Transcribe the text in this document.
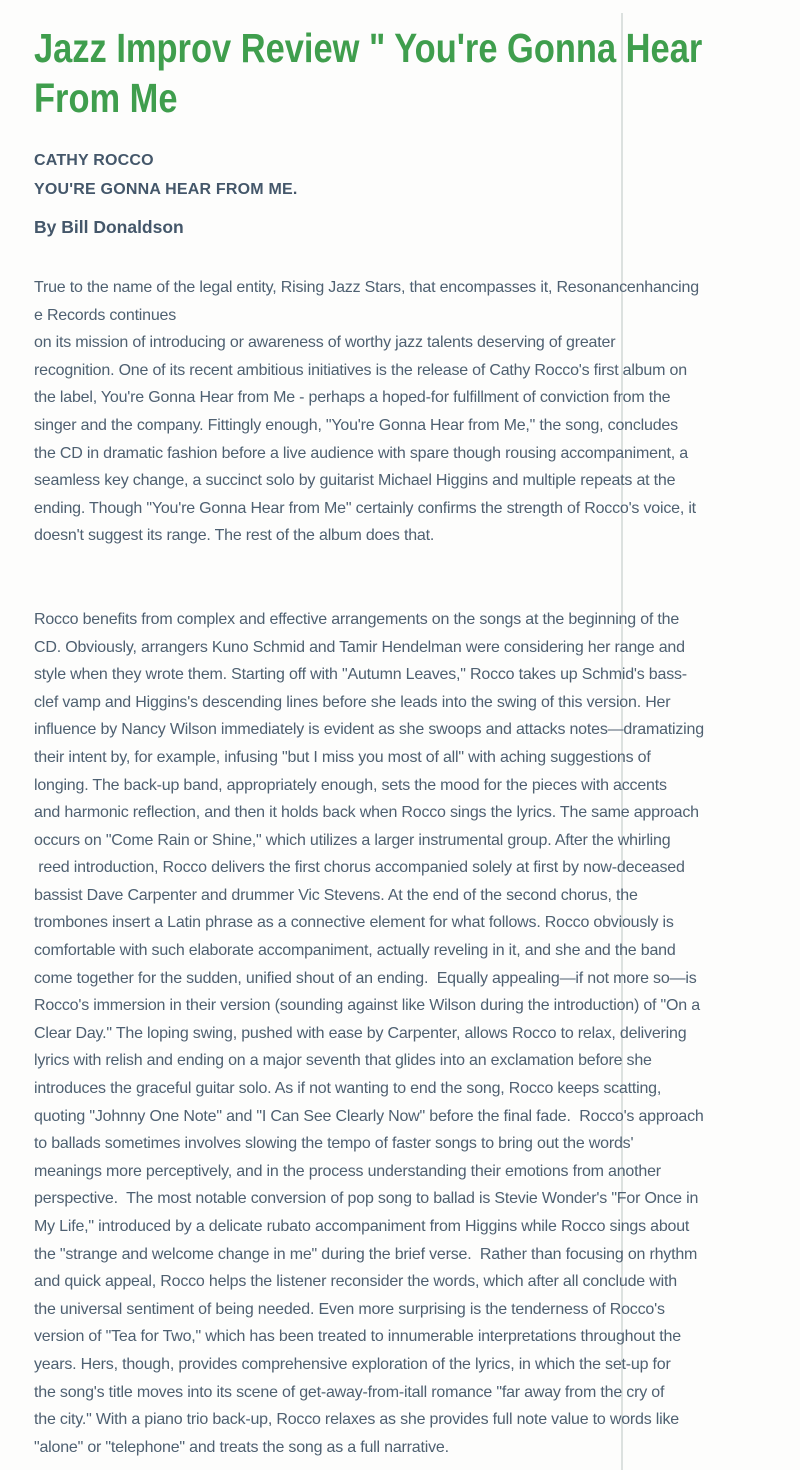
Jazz Improv Review " You're Gonna Hear
From Me
CATHY ROCCO
YOU'RE GONNA HEAR FROM ME.
By Bill Donaldson
True to the name of the legal entity, Rising Jazz Stars, that encompasses it, Resonancenhancing
e Records continues
on its mission of introducing or awareness of worthy jazz talents deserving of greater
recognition. One of its recent ambitious initiatives is the release of Cathy Rocco's first album on
the label, You're Gonna Hear from Me - perhaps a hoped-for fulfillment of conviction from the
singer and the company. Fittingly enough, "You're Gonna Hear from Me," the song, concludes
the CD in dramatic fashion before a live audience with spare though rousing accompaniment, a
seamless key change, a succinct solo by guitarist Michael Higgins and multiple repeats at the
ending. Though "You're Gonna Hear from Me" certainly confirms the strength of Rocco's voice, it
doesn't suggest its range. The rest of the album does that.
Rocco benefits from complex and effective arrangements on the songs at the beginning of the
CD. Obviously, arrangers Kuno Schmid and Tamir Hendelman were considering her range and
style when they wrote them. Starting off with "Autumn Leaves," Rocco takes up Schmid's bass-
clef vamp and Higgins's descending lines before she leads into the swing of this version. Her
influence by Nancy Wilson immediately is evident as she swoops and attacks notes—dramatizing
their intent by, for example, infusing "but I miss you most of all" with aching suggestions of
longing. The back-up band, appropriately enough, sets the mood for the pieces with accents
and harmonic reflection, and then it holds back when Rocco sings the lyrics. The same approach
occurs on "Come Rain or Shine," which utilizes a larger instrumental group. After the whirling
reed introduction, Rocco delivers the first chorus accompanied solely at first by now-deceased
bassist Dave Carpenter and drummer Vic Stevens. At the end of the second chorus, the
trombones insert a Latin phrase as a connective element for what follows. Rocco obviously is
comfortable with such elaborate accompaniment, actually reveling in it, and she and the band
come together for the sudden, unified shout of an ending.  Equally appealing—if not more so—is
Rocco's immersion in their version (sounding against like Wilson during the introduction) of "On a
Clear Day." The loping swing, pushed with ease by Carpenter, allows Rocco to relax, delivering
lyrics with relish and ending on a major seventh that glides into an exclamation before she
introduces the graceful guitar solo. As if not wanting to end the song, Rocco keeps scatting,
quoting "Johnny One Note" and "I Can See Clearly Now" before the final fade.  Rocco's approach
to ballads sometimes involves slowing the tempo of faster songs to bring out the words'
meanings more perceptively, and in the process understanding their emotions from another
perspective.  The most notable conversion of pop song to ballad is Stevie Wonder's "For Once in
My Life," introduced by a delicate rubato accompaniment from Higgins while Rocco sings about
the "strange and welcome change in me" during the brief verse.  Rather than focusing on rhythm
and quick appeal, Rocco helps the listener reconsider the words, which after all conclude with
the universal sentiment of being needed. Even more surprising is the tenderness of Rocco's
version of "Tea for Two," which has been treated to innumerable interpretations throughout the
years. Hers, though, provides comprehensive exploration of the lyrics, in which the set-up for
the song's title moves into its scene of get-away-from-itall romance "far away from the cry of
the city." With a piano trio back-up, Rocco relaxes as she provides full note value to words like
"alone" or "telephone" and treats the song as a full narrative.
